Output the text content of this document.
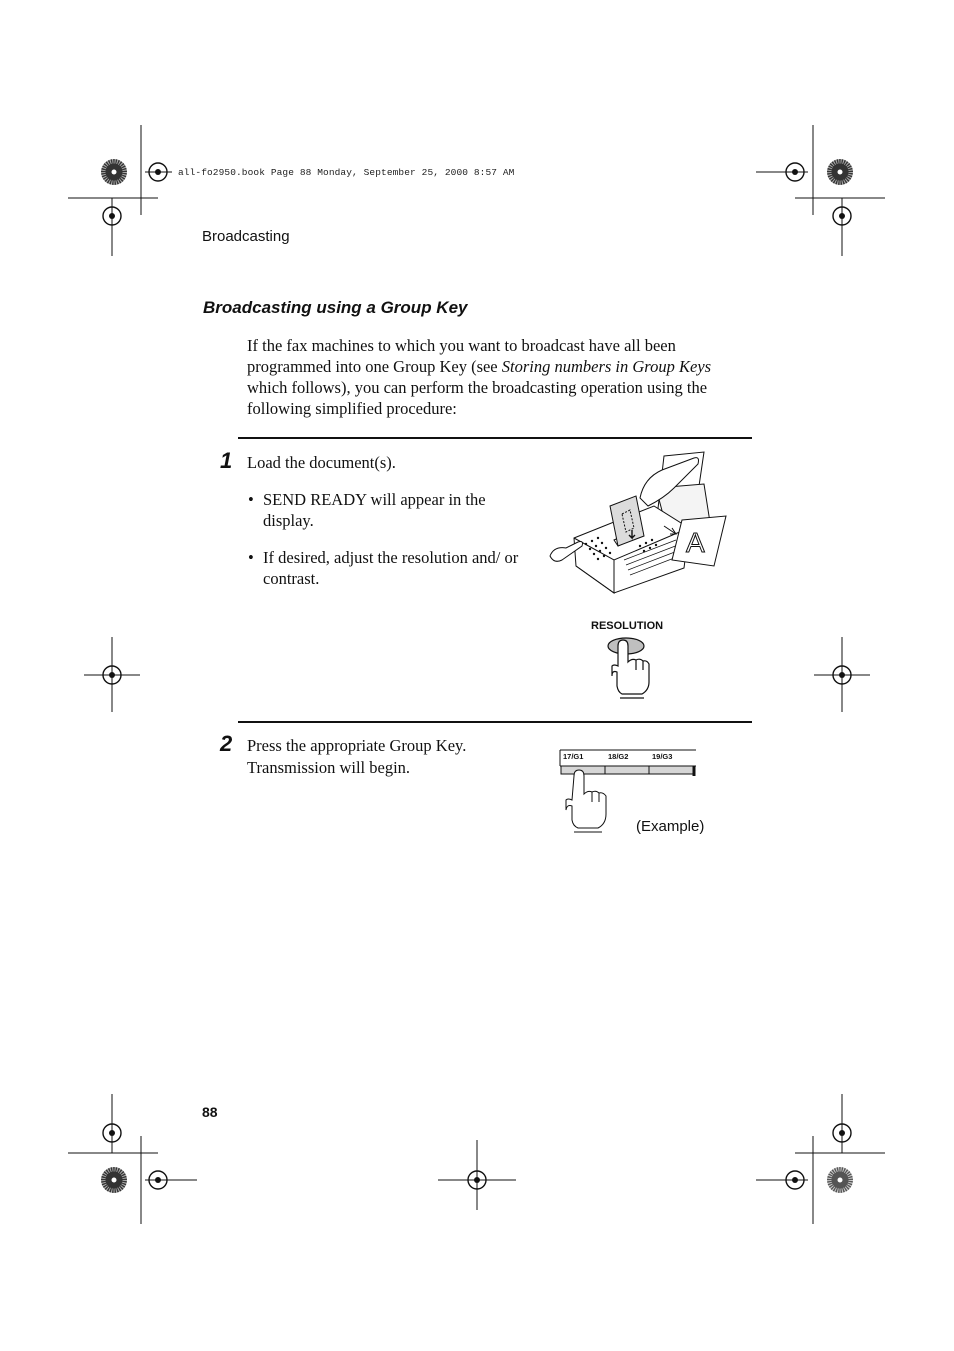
all-fo2950.book Page 88 Monday, September 25, 2000 8:57 AM
Broadcasting
Broadcasting using a Group Key
If the fax machines to which you want to broadcast have all been programmed into one Group Key (see Storing numbers in Group Keys which follows), you can perform the broadcasting operation using the following simplified procedure:
1 Load the document(s).
• SEND READY will appear in the display.
• If desired, adjust the resolution and/ or contrast.
A
RESOLUTION
2 Press the appropriate Group Key.
Transmission will begin.
17/G1	18/G2	19/G3
(Example)
88
